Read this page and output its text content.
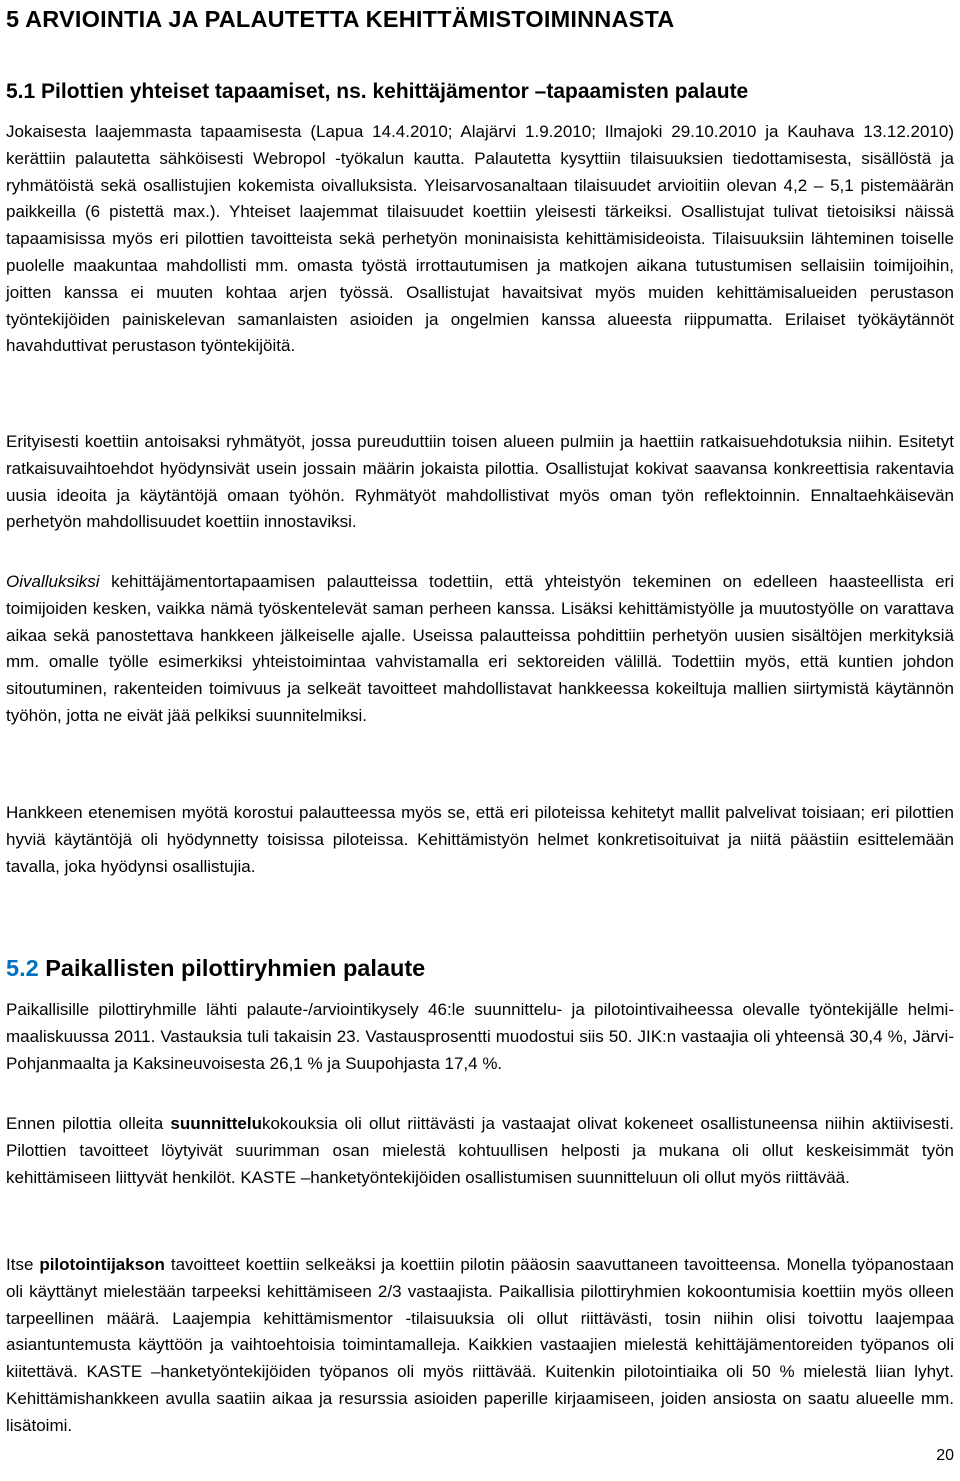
5 ARVIOINTIA JA PALAUTETTA KEHITTÄMISTOIMINNASTA
5.1 Pilottien yhteiset tapaamiset, ns. kehittäjämentor –tapaamisten palaute

Jokaisesta laajemmasta tapaamisesta (Lapua 14.4.2010; Alajärvi 1.9.2010; Ilmajoki 29.10.2010 ja Kauhava 13.12.2010) kerättiin palautetta sähköisesti Webropol -työkalun kautta. Palautetta kysyttiin tilaisuuksien tiedottamisesta, sisällöstä ja ryhmätöistä sekä osallistujien kokemista oivalluksista. Yleisarvosanaltaan tilaisuudet arvioitiin olevan 4,2 – 5,1 pistemäärän paikkeilla (6 pistettä max.). Yhteiset laajemmat tilaisuudet koettiin yleisesti tärkeiksi. Osallistujat tulivat tietoisiksi näissä tapaamisissa myös eri pilottien tavoitteista sekä perhetyön moninaisista kehittämisideoista. Tilaisuuksiin lähteminen toiselle puolelle maakuntaa mahdollisti mm. omasta työstä irrottautumisen ja matkojen aikana tutustumisen sellaisiin toimijoihin, joitten kanssa ei muuten kohtaa arjen työssä. Osallistujat havaitsivat myös muiden kehittämisalueiden perustason työntekijöiden painiskelevan samanlaisten asioiden ja ongelmien kanssa alueesta riippumatta. Erilaiset työkäytännöt havahduttivat perustason työntekijöitä.

Erityisesti koettiin antoisaksi ryhmätyöt, jossa pureuduttiin toisen alueen pulmiin ja haettiin ratkaisuehdotuksia niihin. Esitetyt ratkaisuvaihtoehdot hyödynsivät usein jossain määrin jokaista pilottia. Osallistujat kokivat saavansa konkreettisia rakentavia uusia ideoita ja käytäntöjä omaan työhön. Ryhmätyöt mahdollistivat myös oman työn reflektoinnin. Ennaltaehkäisevän perhetyön mahdollisuudet koettiin innostaviksi.

Oivalluksiksi kehittäjämentortapaamisen palautteissa todettiin, että yhteistyön tekeminen on edelleen haasteellista eri toimijoiden kesken, vaikka nämä työskentelevät saman perheen kanssa. Lisäksi kehittämistyölle ja muutostyölle on varattava aikaa sekä panostettava hankkeen jälkeiselle ajalle. Useissa palautteissa pohdittiin perhetyön uusien sisältöjen merkityksiä mm. omalle työlle esimerkiksi yhteistoimintaa vahvistamalla eri sektoreiden välillä. Todettiin myös, että kuntien johdon sitoutuminen, rakenteiden toimivuus ja selkeät tavoitteet mahdollistavat hankkeessa kokeiltuja mallien siirtymistä käytännön työhön, jotta ne eivät jää pelkiksi suunnitelmiksi.

Hankkeen etenemisen myötä korostui palautteessa myös se, että eri piloteissa kehitetyt mallit palvelivat toisiaan; eri pilottien hyviä käytäntöjä oli hyödynnetty toisissa piloteissa. Kehittämistyön helmet konkretisoituivat ja niitä päästiin esittelemään tavalla, joka hyödynsi osallistujia.

5.2 Paikallisten pilottiryhmien palaute

Paikallisille pilottiryhmille lähti palaute-/arviointikysely 46:le suunnittelu- ja pilotointivaiheessa olevalle työntekijälle helmi-maaliskuussa 2011. Vastauksia tuli takaisin 23. Vastausprosentti muodostui siis 50. JIK:n vastaajia oli yhteensä 30,4 %, Järvi-Pohjanmaalta ja Kaksineuvoisesta 26,1 % ja Suupohjasta 17,4 %.

Ennen pilottia olleita suunnittelukokouksia oli ollut riittävästi ja vastaajat olivat kokeneet osallistuneensa niihin aktiivisesti. Pilottien tavoitteet löytyivät suurimman osan mielestä kohtuullisen helposti ja mukana oli ollut keskeisimmät työn kehittämiseen liittyvät henkilöt. KASTE –hanketyöntekijöiden osallistumisen suunnitteluun oli ollut myös riittävää.

Itse pilotointijakson tavoitteet koettiin selkeäksi ja koettiin pilotin pääosin saavuttaneen tavoitteensa. Monella työpanostaan oli käyttänyt mielestään tarpeeksi kehittämiseen 2/3 vastaajista. Paikallisia pilottiryhmien kokoontumisia koettiin myös olleen tarpeellinen määrä. Laajempia kehittämismentor -tilaisuuksia oli ollut riittävästi, tosin niihin olisi toivottu laajempaa asiantuntemusta käyttöön ja vaihtoehtoisia toimintamalleja. Kaikkien vastaajien mielestä kehittäjämentoreiden työpanos oli kiitettävä. KASTE –hanketyöntekijöiden työpanos oli myös riittävää. Kuitenkin pilotointiaika oli 50 % mielestä liian lyhyt. Kehittämishankkeen avulla saatiin aikaa ja resurssia asioiden paperille kirjaamiseen, joiden ansiosta on saatu alueelle mm. lisätoimi.

20
